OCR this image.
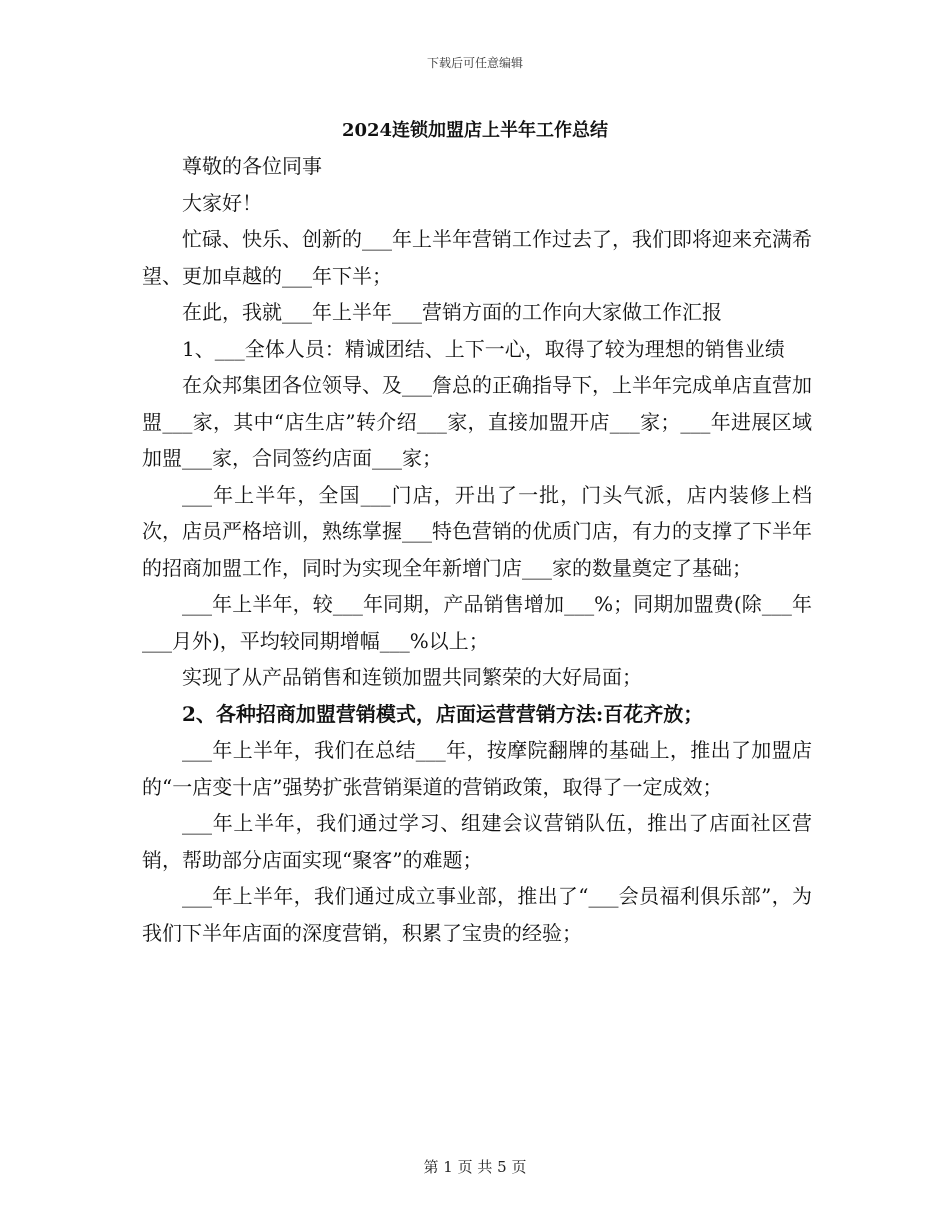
下载后可任意编辑
2024连锁加盟店上半年工作总结

尊敬的各位同事

大家好！

忙碌、快乐、创新的___年上半年营销工作过去了，我们即将迎来充满希望、更加卓越的___年下半；

在此，我就___年上半年___营销方面的工作向大家做工作汇报

1、___全体人员：精诚团结、上下一心，取得了较为理想的销售业绩

在众邦集团各位领导、及___詹总的正确指导下，上半年完成单店直营加盟___家，其中“店生店”转介绍___家，直接加盟开店___家；___年进展区域加盟___家，合同签约店面___家；

___年上半年，全国___门店，开出了一批，门头气派，店内装修上档次，店员严格培训，熟练掌握___特色营销的优质门店，有力的支撑了下半年的招商加盟工作，同时为实现全年新增门店___家的数量奠定了基础；

___年上半年，较___年同期，产品销售增加___%；同期加盟费(除___年___月外)，平均较同期增幅___%以上；

实现了从产品销售和连锁加盟共同繁荣的大好局面；

2、各种招商加盟营销模式，店面运营营销方法:百花齐放；

___年上半年，我们在总结___年，按摩院翻牌的基础上，推出了加盟店的“一店变十店”强势扩张营销渠道的营销政策，取得了一定成效；

___年上半年，我们通过学习、组建会议营销队伍，推出了店面社区营销，帮助部分店面实现“聚客”的难题；

___年上半年，我们通过成立事业部，推出了“___会员福利俱乐部”，为我们下半年店面的深度营销，积累了宝贵的经验；

第 1 页 共 5 页
